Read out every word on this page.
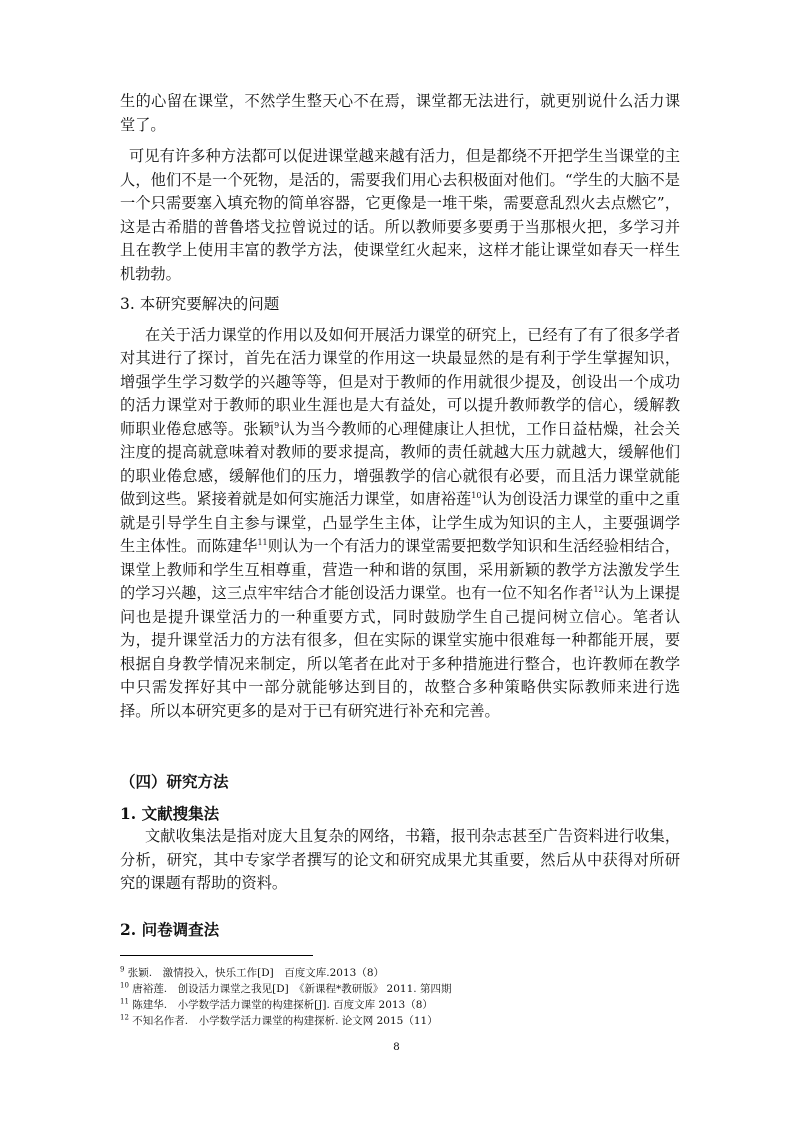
生的心留在课堂，不然学生整天心不在焉，课堂都无法进行，就更别说什么活力课堂了。

可见有许多种方法都可以促进课堂越来越有活力，但是都绕不开把学生当课堂的主人，他们不是一个死物，是活的，需要我们用心去积极面对他们。“学生的大脑不是一个只需要塞入填充物的简单容器，它更像是一堆干柴，需要意乱烈火去点燃它”，这是古希腊的普鲁塔戈拉曾说过的话。所以教师要多要勇于当那根火把，多学习并且在教学上使用丰富的教学方法，使课堂红火起来，这样才能让课堂如春天一样生机勃勃。

3. 本研究要解决的问题

在关于活力课堂的作用以及如何开展活力课堂的研究上，已经有了有了很多学者对其进行了探讨，首先在活力课堂的作用这一块最显然的是有利于学生掌握知识，增强学生学习数学的兴趣等等，但是对于教师的作用就很少提及，创设出一个成功的活力课堂对于教师的职业生涯也是大有益处，可以提升教师教学的信心，缓解教师职业倦怠感等。张颖$^9$认为当今教师的心理健康让人担忧，工作日益枯燥，社会关注度的提高就意味着对教师的要求提高，教师的责任就越大压力就越大，缓解他们的职业倦怠感，缓解他们的压力，增强教学的信心就很有必要，而且活力课堂就能做到这些。紧接着就是如何实施活力课堂，如唐裕莲$^{10}$认为创设活力课堂的重中之重就是引导学生自主参与课堂，凸显学生主体，让学生成为知识的主人，主要强调学生主体性。而陈建华$^{11}$则认为一个有活力的课堂需要把数学知识和生活经验相结合，课堂上教师和学生互相尊重，营造一种和谐的氛围，采用新颖的教学方法激发学生的学习兴趣，这三点牢牢结合才能创设活力课堂。也有一位不知名作者$^{12}$认为上课提问也是提升课堂活力的一种重要方式，同时鼓励学生自己提问树立信心。笔者认为，提升课堂活力的方法有很多，但在实际的课堂实施中很难每一种都能开展，要根据自身教学情况来制定，所以笔者在此对于多种措施进行整合，也许教师在教学中只需发挥好其中一部分就能够达到目的，故整合多种策略供实际教师来进行选择。所以本研究更多的是对于已有研究进行补充和完善。

（四）研究方法
1. 文献搜集法

文献收集法是指对庞大且复杂的网络，书籍，报刊杂志甚至广告资料进行收集，分析，研究，其中专家学者撰写的论文和研究成果尤其重要，然后从中获得对所研究的课题有帮助的资料。

2. 问卷调查法
$^9$ 张颖.　激情投入，快乐工作[D]　百度文库.2013（8）
$^{10}$ 唐裕莲.　创设活力课堂之我见[D]　《新课程*教研版》 2011. 第四期
$^{11}$ 陈建华.　小学数学活力课堂的构建探析[J]. 百度文库 2013（8）
$^{12}$ 不知名作者.　小学数学活力课堂的构建探析. 论文网 2015（11）
8
